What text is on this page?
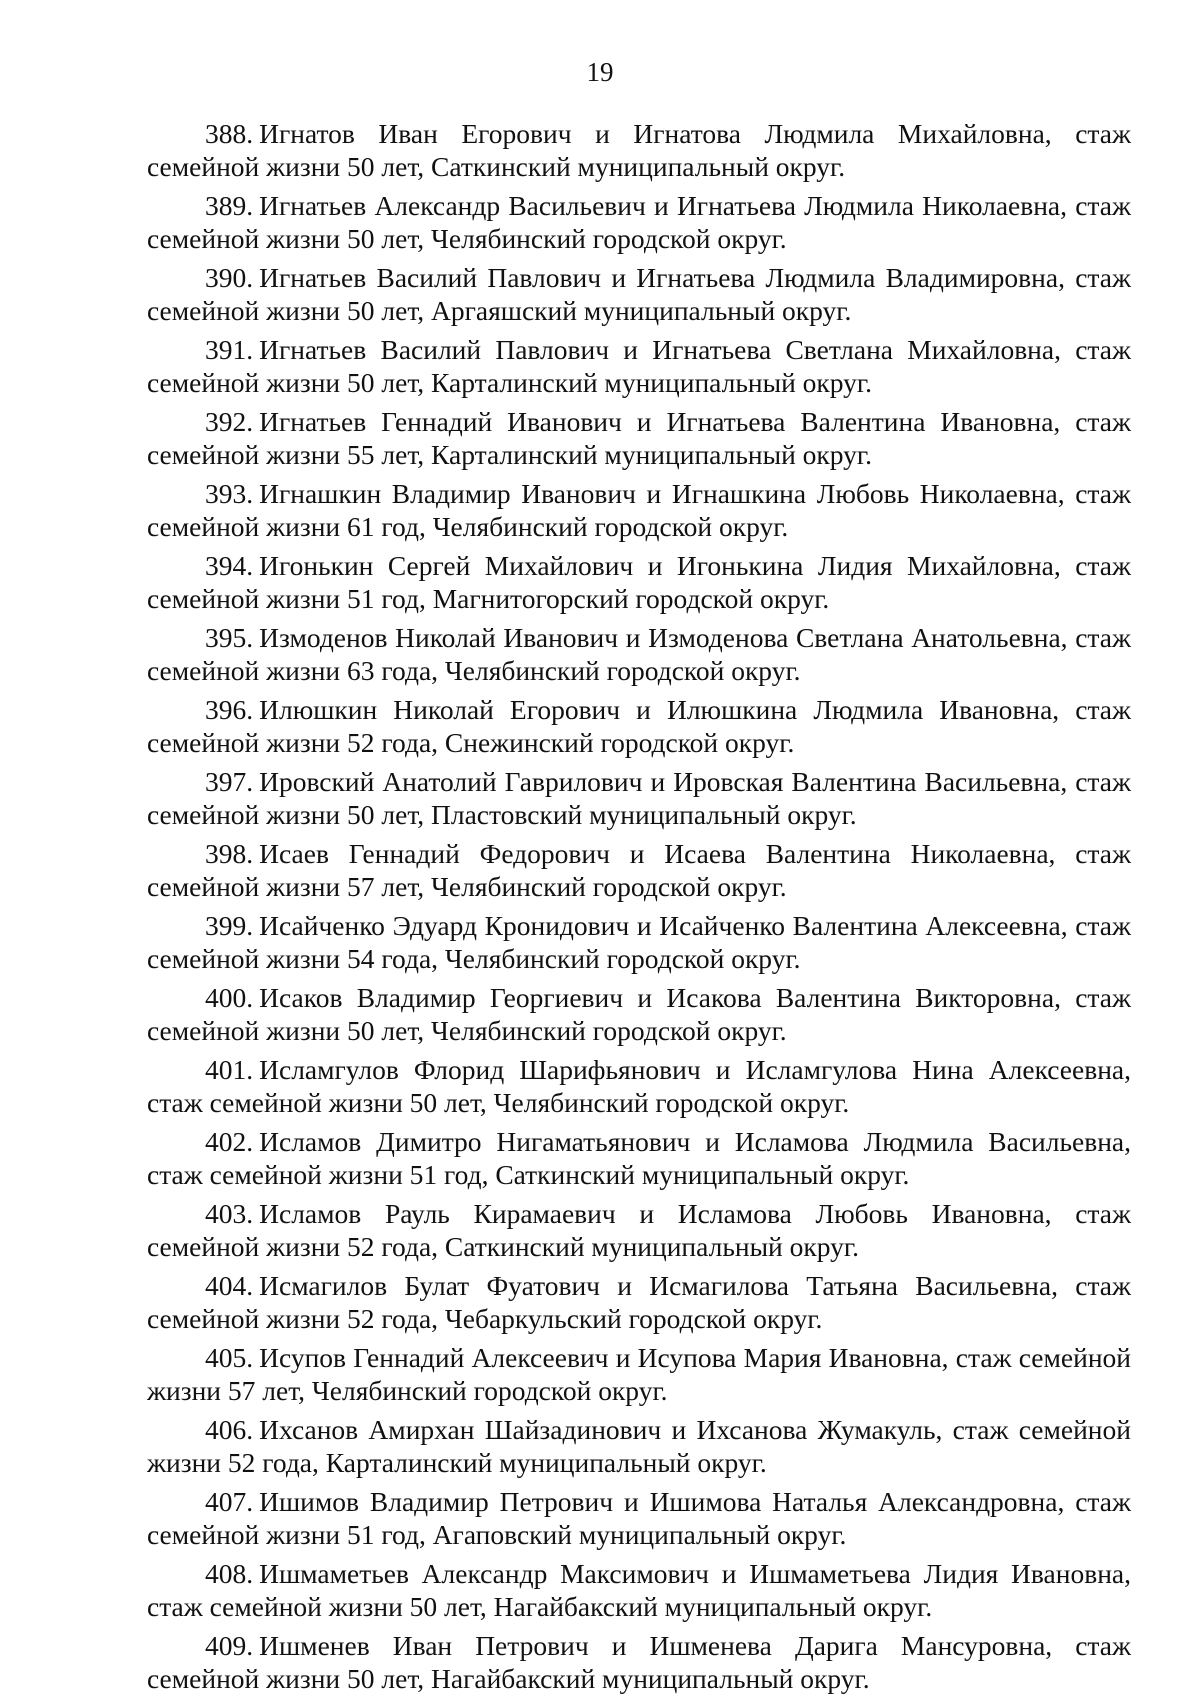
19

388. Игнатов Иван Егорович и Игнатова Людмила Михайловна, стаж семейной жизни 50 лет, Саткинский муниципальный округ.

389. Игнатьев Александр Васильевич и Игнатьева Людмила Николаевна, стаж семейной жизни 50 лет, Челябинский городской округ.

390. Игнатьев Василий Павлович и Игнатьева Людмила Владимировна, стаж семейной жизни 50 лет, Аргаяшский муниципальный округ.

391. Игнатьев Василий Павлович и Игнатьева Светлана Михайловна, стаж семейной жизни 50 лет, Карталинский муниципальный округ.

392. Игнатьев Геннадий Иванович и Игнатьева Валентина Ивановна, стаж семейной жизни 55 лет, Карталинский муниципальный округ.

393. Игнашкин Владимир Иванович и Игнашкина Любовь Николаевна, стаж семейной жизни 61 год, Челябинский городской округ.

394. Игонькин Сергей Михайлович и Игонькина Лидия Михайловна, стаж семейной жизни 51 год, Магнитогорский городской округ.

395. Измоденов Николай Иванович и Измоденова Светлана Анатольевна, стаж семейной жизни 63 года, Челябинский городской округ.

396. Илюшкин Николай Егорович и Илюшкина Людмила Ивановна, стаж семейной жизни 52 года, Снежинский городской округ.

397. Ировский Анатолий Гаврилович и Ировская Валентина Васильевна, стаж семейной жизни 50 лет, Пластовский муниципальный округ.

398. Исаев Геннадий Федорович и Исаева Валентина Николаевна, стаж семейной жизни 57 лет, Челябинский городской округ.

399. Исайченко Эдуард Кронидович и Исайченко Валентина Алексеевна, стаж семейной жизни 54 года, Челябинский городской округ.

400. Исаков Владимир Георгиевич и Исакова Валентина Викторовна, стаж семейной жизни 50 лет, Челябинский городской округ.

401. Исламгулов Флорид Шарифьянович и Исламгулова Нина Алексеевна, стаж семейной жизни 50 лет, Челябинский городской округ.

402. Исламов Димитро Нигаматьянович и Исламова Людмила Васильевна, стаж семейной жизни 51 год, Саткинский муниципальный округ.

403. Исламов Рауль Кирамаевич и Исламова Любовь Ивановна, стаж семейной жизни 52 года, Саткинский муниципальный округ.

404. Исмагилов Булат Фуатович и Исмагилова Татьяна Васильевна, стаж семейной жизни 52 года, Чебаркульский городской округ.

405. Исупов Геннадий Алексеевич и Исупова Мария Ивановна, стаж семейной жизни 57 лет, Челябинский городской округ.

406. Ихсанов Амирхан Шайзадинович и Ихсанова Жумакуль, стаж семейной жизни 52 года, Карталинский муниципальный округ.

407. Ишимов Владимир Петрович и Ишимова Наталья Александровна, стаж семейной жизни 51 год, Агаповский муниципальный округ.

408. Ишмаметьев Александр Максимович и Ишмаметьева Лидия Ивановна, стаж семейной жизни 50 лет, Нагайбакский муниципальный округ.

409. Ишменев Иван Петрович и Ишменева Дарига Мансуровна, стаж семейной жизни 50 лет, Нагайбакский муниципальный округ.
